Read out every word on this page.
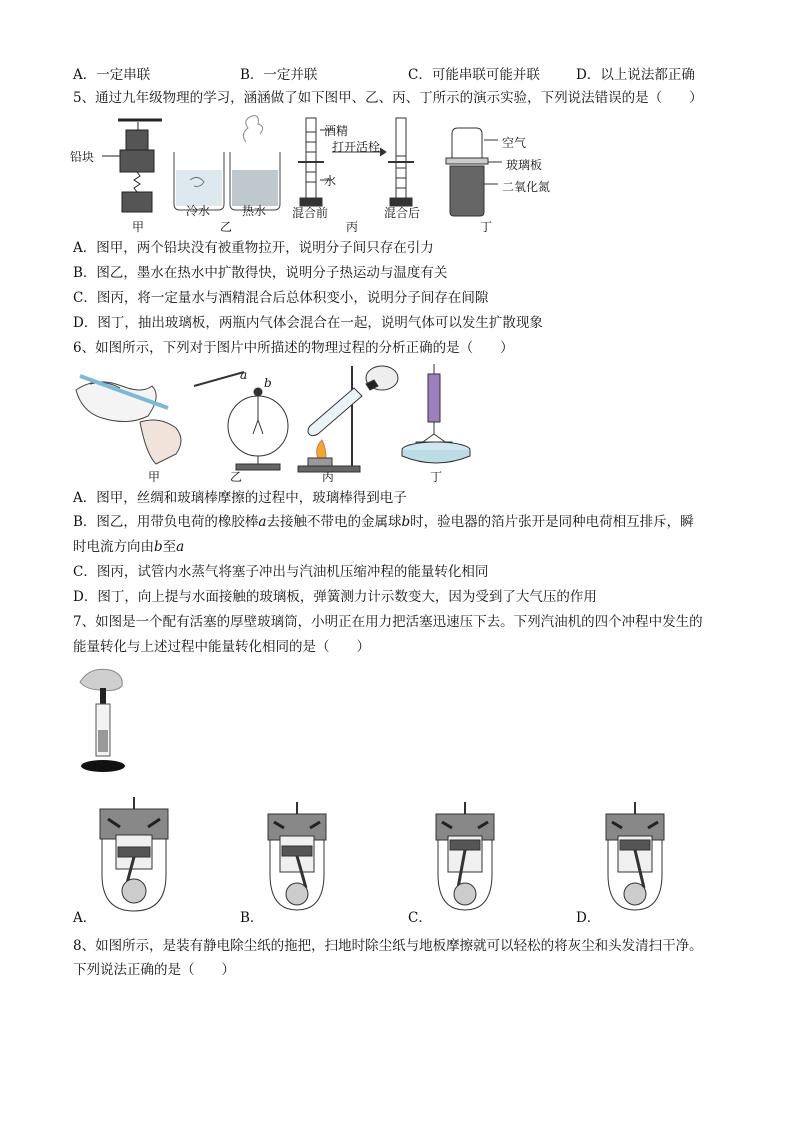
A．一定串联	B．一定并联	C．可能串联可能并联	D．以上说法都正确
5、通过九年级物理的学习，涵涵做了如下图甲、乙、丙、丁所示的演示实验，下列说法错误的是（　　）
铅块
甲
冷水	热水
乙
酒精
打开活栓
水
混合前	混合后
丙
空气
玻璃板
二氧化氮
丁
A．图甲，两个铅块没有被重物拉开，说明分子间只存在引力
B．图乙，墨水在热水中扩散得快，说明分子热运动与温度有关
C．图丙，将一定量水与酒精混合后总体积变小，说明分子间存在间隙
D．图丁，抽出玻璃板，两瓶内气体会混合在一起，说明气体可以发生扩散现象
6、如图所示，下列对于图片中所描述的物理过程的分析正确的是（　　）
甲
a
b
乙	丙	丁
A．图甲，丝绸和玻璃棒摩擦的过程中，玻璃棒得到电子
B．图乙，用带负电荷的橡胶棒a去接触不带电的金属球b时，验电器的箔片张开是同种电荷相互排斥，瞬
时电流方向由b至a
C．图丙，试管内水蒸气将塞子冲出与汽油机压缩冲程的能量转化相同
D．图丁，向上提与水面接触的玻璃板，弹簧测力计示数变大，因为受到了大气压的作用
7、如图是一个配有活塞的厚壁玻璃筒，小明正在用力把活塞迅速压下去。下列汽油机的四个冲程中发生的
能量转化与上述过程中能量转化相同的是（　　）
A．	B．	C．	D．
8、如图所示，是装有静电除尘纸的拖把，扫地时除尘纸与地板摩擦就可以轻松的将灰尘和头发清扫干净。
下列说法正确的是（　　）
